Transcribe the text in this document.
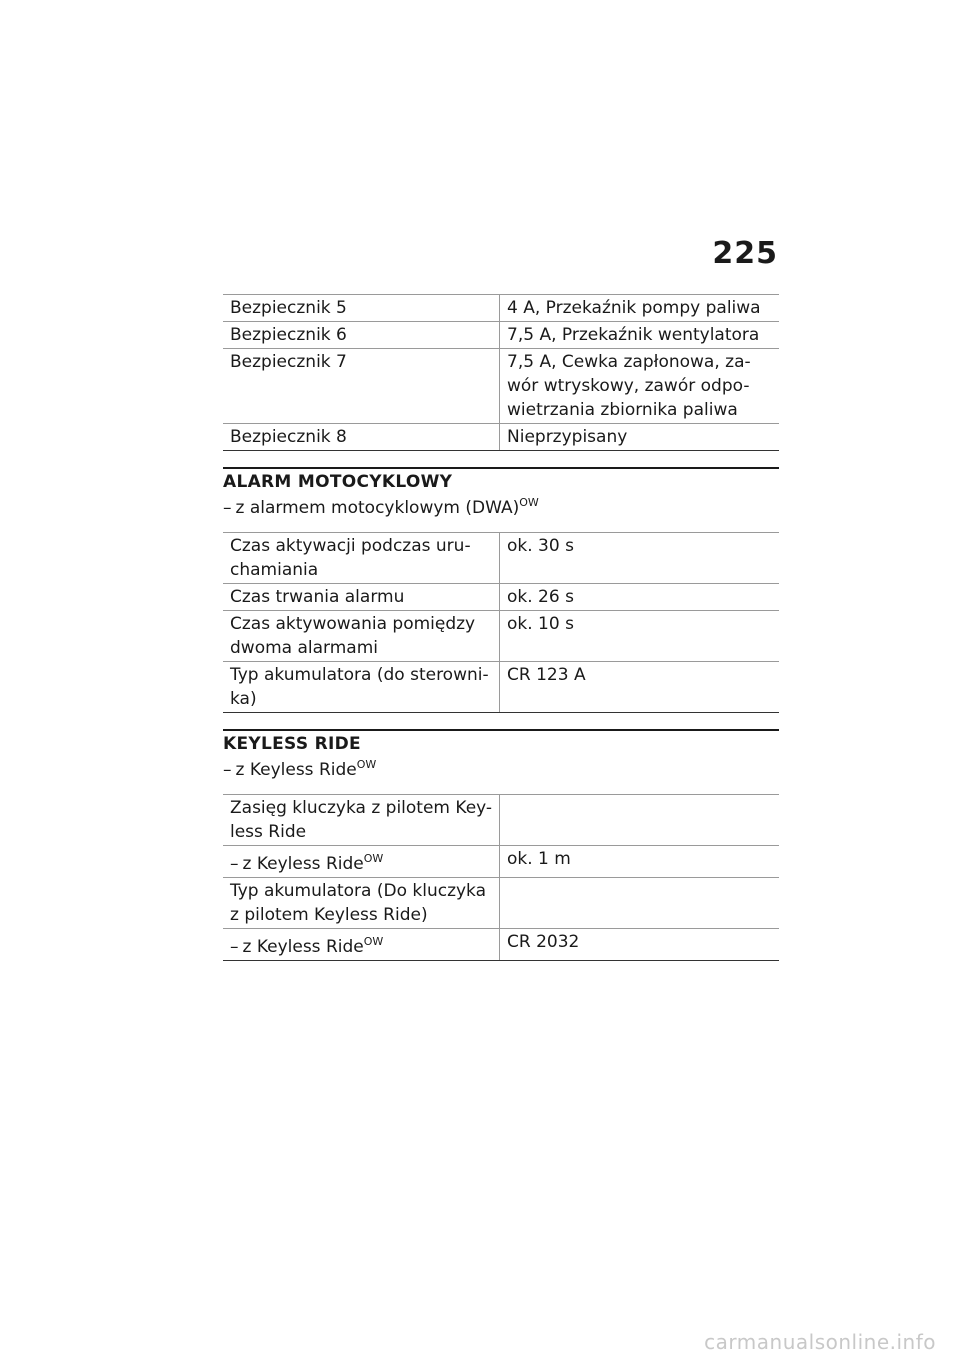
225
Bezpiecznik 5	4 A, Przekaźnik pompy paliwa
Bezpiecznik 6	7,5 A, Przekaźnik wentylatora
Bezpiecznik 7	7,5 A, Cewka zapłonowa, za-
wór wtryskowy, zawór odpo-
wietrzania zbiornika paliwa
Bezpiecznik 8	Nieprzypisany
ALARM MOTOCYKLOWY
– z alarmem motocyklowym (DWA)$^{OW}$
Czas aktywacji podczas uru-
chamiania	ok. 30 s
Czas trwania alarmu	ok. 26 s
Czas aktywowania pomiędzy
dwoma alarmami	ok. 10 s
Typ akumulatora (do sterowni-
ka)	CR 123 A
KEYLESS RIDE
– z Keyless Ride$^{OW}$
Zasięg kluczyka z pilotem Key-
less Ride	
– z Keyless Ride$^{OW}$	ok. 1 m
Typ akumulatora (Do kluczyka
z pilotem Keyless Ride)	
– z Keyless Ride$^{OW}$	CR 2032
carmanualsonline.info
